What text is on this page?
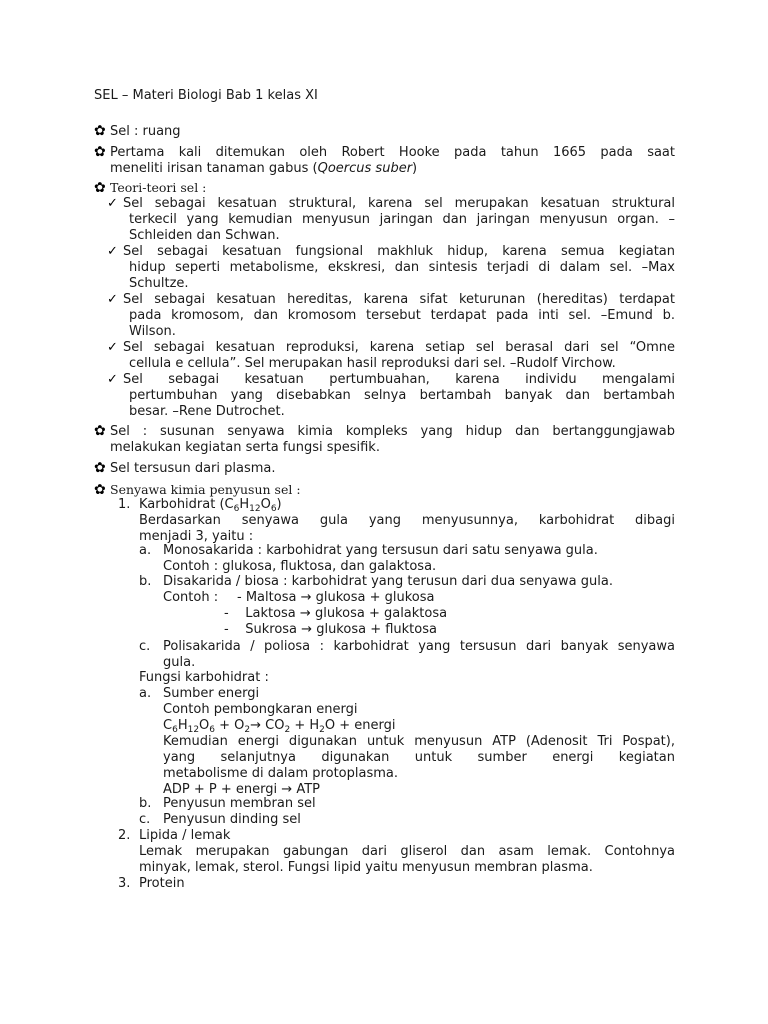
SEL – Materi Biologi Bab 1 kelas XI
✿ Sel : ruang
✿ Pertama kali ditemukan oleh Robert Hooke pada tahun 1665 pada saat
meneliti irisan tanaman gabus (Qoercus suber)
✿ Teori-teori sel :
✓ Sel sebagai kesatuan struktural, karena sel merupakan kesatuan struktural
terkecil yang kemudian menyusun jaringan dan jaringan menyusun organ. –
Schleiden dan Schwan.
✓ Sel sebagai kesatuan fungsional makhluk hidup, karena semua kegiatan
hidup seperti metabolisme, ekskresi, dan sintesis terjadi di dalam sel. –Max
Schultze.
✓ Sel sebagai kesatuan hereditas, karena sifat keturunan (hereditas) terdapat
pada kromosom, dan kromosom tersebut terdapat pada inti sel. –Emund b.
Wilson.
✓ Sel sebagai kesatuan reproduksi, karena setiap sel berasal dari sel “Omne
cellula e cellula”. Sel merupakan hasil reproduksi dari sel. –Rudolf Virchow.
✓ Sel sebagai kesatuan pertumbuahan, karena individu mengalami
pertumbuhan yang disebabkan selnya bertambah banyak dan bertambah
besar. –Rene Dutrochet.
✿ Sel : susunan senyawa kimia kompleks yang hidup dan bertanggungjawab
melakukan kegiatan serta fungsi spesifik.
✿ Sel tersusun dari plasma.
✿ Senyawa kimia penyusun sel :
1. Karbohidrat $(C_6H_{12}O_6)$
Berdasarkan senyawa gula yang menyusunnya, karbohidrat dibagi
menjadi 3, yaitu :
a. Monosakarida : karbohidrat yang tersusun dari satu senyawa gula.
Contoh : glukosa, fluktosa, dan galaktosa.
b. Disakarida / biosa : karbohidrat yang terusun dari dua senyawa gula.
Contoh : - Maltosa → glukosa + glukosa
- Laktosa → glukosa + galaktosa
- Sukrosa → glukosa + fluktosa
c. Polisakarida / poliosa : karbohidrat yang tersusun dari banyak senyawa
gula.
Fungsi karbohidrat :
a. Sumber energi
Contoh pembongkaran energi
$C_6H_{12}O_6 + O_2\to CO_2 + H_2O$ + energi
Kemudian energi digunakan untuk menyusun ATP (Adenosit Tri Pospat),
yang selanjutnya digunakan untuk sumber energi kegiatan
metabolisme di dalam protoplasma.
ADP + P + energi → ATP
b. Penyusun membran sel
c. Penyusun dinding sel
2. Lipida / lemak
Lemak merupakan gabungan dari gliserol dan asam lemak. Contohnya
minyak, lemak, sterol. Fungsi lipid yaitu menyusun membran plasma.
3. Protein
